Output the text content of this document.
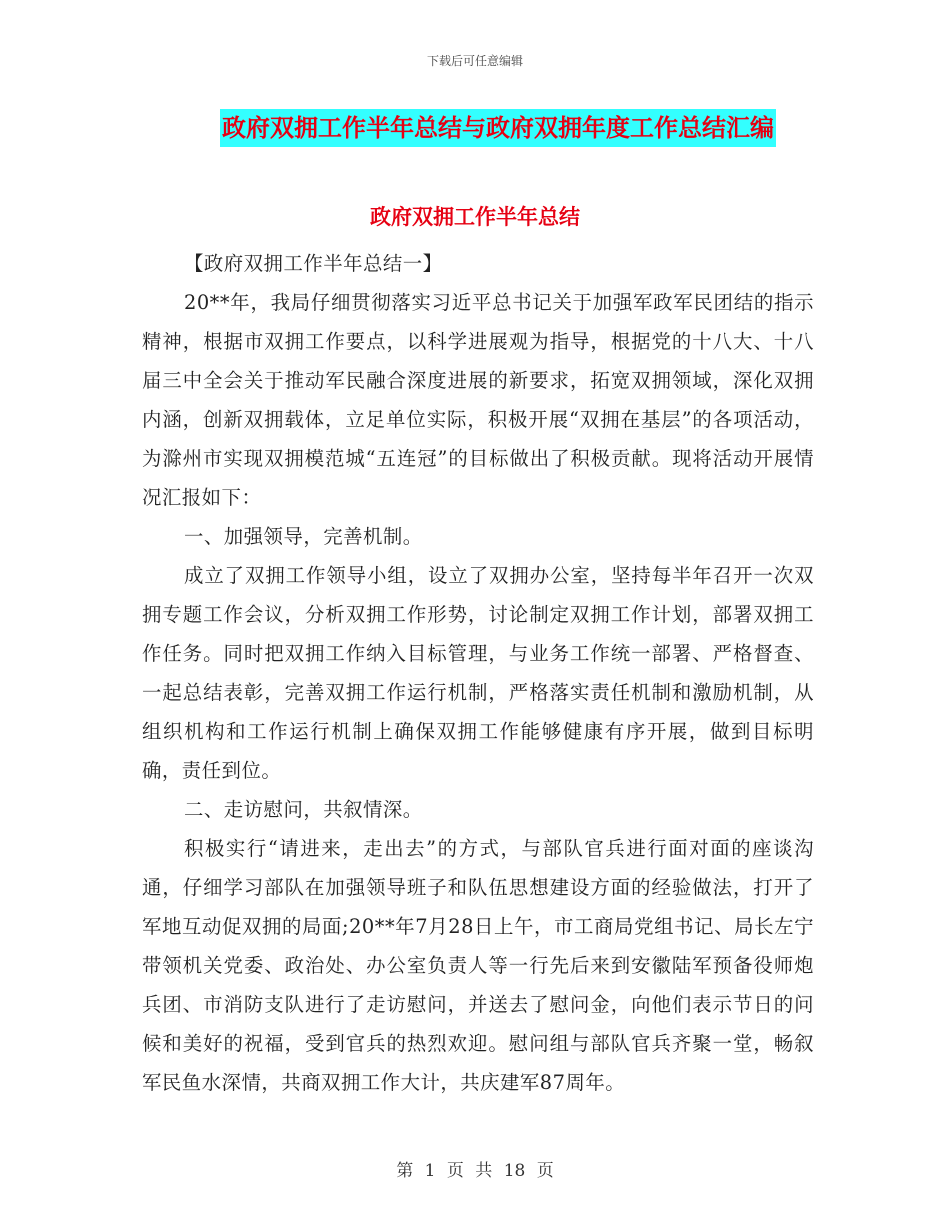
下载后可任意编辑
政府双拥工作半年总结与政府双拥年度工作总结汇编
政府双拥工作半年总结

【政府双拥工作半年总结一】

20**年，我局仔细贯彻落实习近平总书记关于加强军政军民团结的指示精神，根据市双拥工作要点，以科学进展观为指导，根据党的十八大、十八届三中全会关于推动军民融合深度进展的新要求，拓宽双拥领域，深化双拥内涵，创新双拥载体，立足单位实际，积极开展“双拥在基层”的各项活动，为滁州市实现双拥模范城“五连冠”的目标做出了积极贡献。现将活动开展情况汇报如下：

一、加强领导，完善机制。

成立了双拥工作领导小组，设立了双拥办公室，坚持每半年召开一次双拥专题工作会议，分析双拥工作形势，讨论制定双拥工作计划，部署双拥工作任务。同时把双拥工作纳入目标管理，与业务工作统一部署、严格督查、一起总结表彰，完善双拥工作运行机制，严格落实责任机制和激励机制，从组织机构和工作运行机制上确保双拥工作能够健康有序开展，做到目标明确，责任到位。

二、走访慰问，共叙情深。

积极实行“请进来，走出去”的方式，与部队官兵进行面对面的座谈沟通，仔细学习部队在加强领导班子和队伍思想建设方面的经验做法，打开了军地互动促双拥的局面;20**年7月28日上午，市工商局党组书记、局长左宁带领机关党委、政治处、办公室负责人等一行先后来到安徽陆军预备役师炮兵团、市消防支队进行了走访慰问，并送去了慰问金，向他们表示节日的问候和美好的祝福，受到官兵的热烈欢迎。慰问组与部队官兵齐聚一堂，畅叙军民鱼水深情，共商双拥工作大计，共庆建军87周年。

第 1 页 共 18 页
